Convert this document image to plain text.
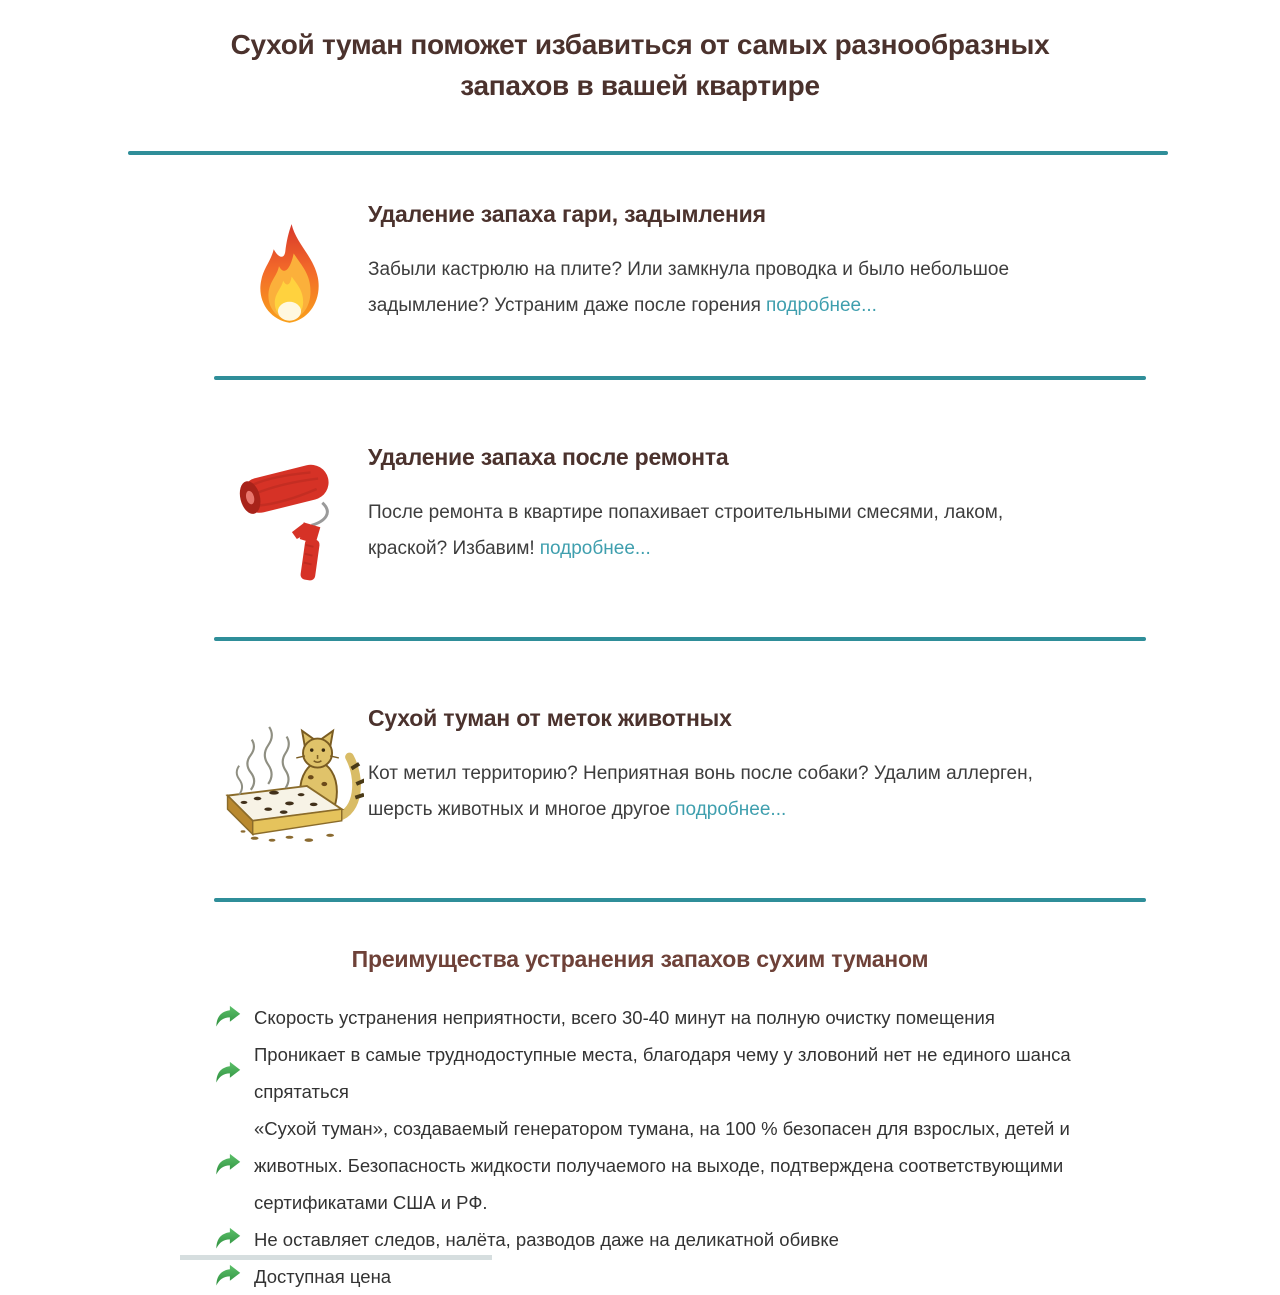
Сухой туман поможет избавиться от самых разнообразных запахов в вашей квартире
Удаление запаха гари, задымления

Забыли кастрюлю на плите? Или замкнула проводка и было небольшое задымление? Устраним даже после горения подробнее...

Удаление запаха после ремонта

После ремонта в квартире попахивает строительными смесями, лаком, краской? Избавим! подробнее...

Сухой туман от меток животных

Кот метил территорию? Неприятная вонь после собаки? Удалим аллерген, шерсть животных и многое другое подробнее...

Преимущества устранения запахов сухим туманом
Скорость устранения неприятности, всего 30-40 минут на полную очистку помещения
Проникает в самые труднодоступные места, благодаря чему у зловоний нет не единого шанса спрятаться
«Сухой туман», создаваемый генератором тумана, на 100 % безопасен для взрослых, детей и животных. Безопасность жидкости получаемого на выходе, подтверждена соответствующими сертификатами США и РФ.
Не оставляет следов, налёта, разводов даже на деликатной обивке
Доступная цена
